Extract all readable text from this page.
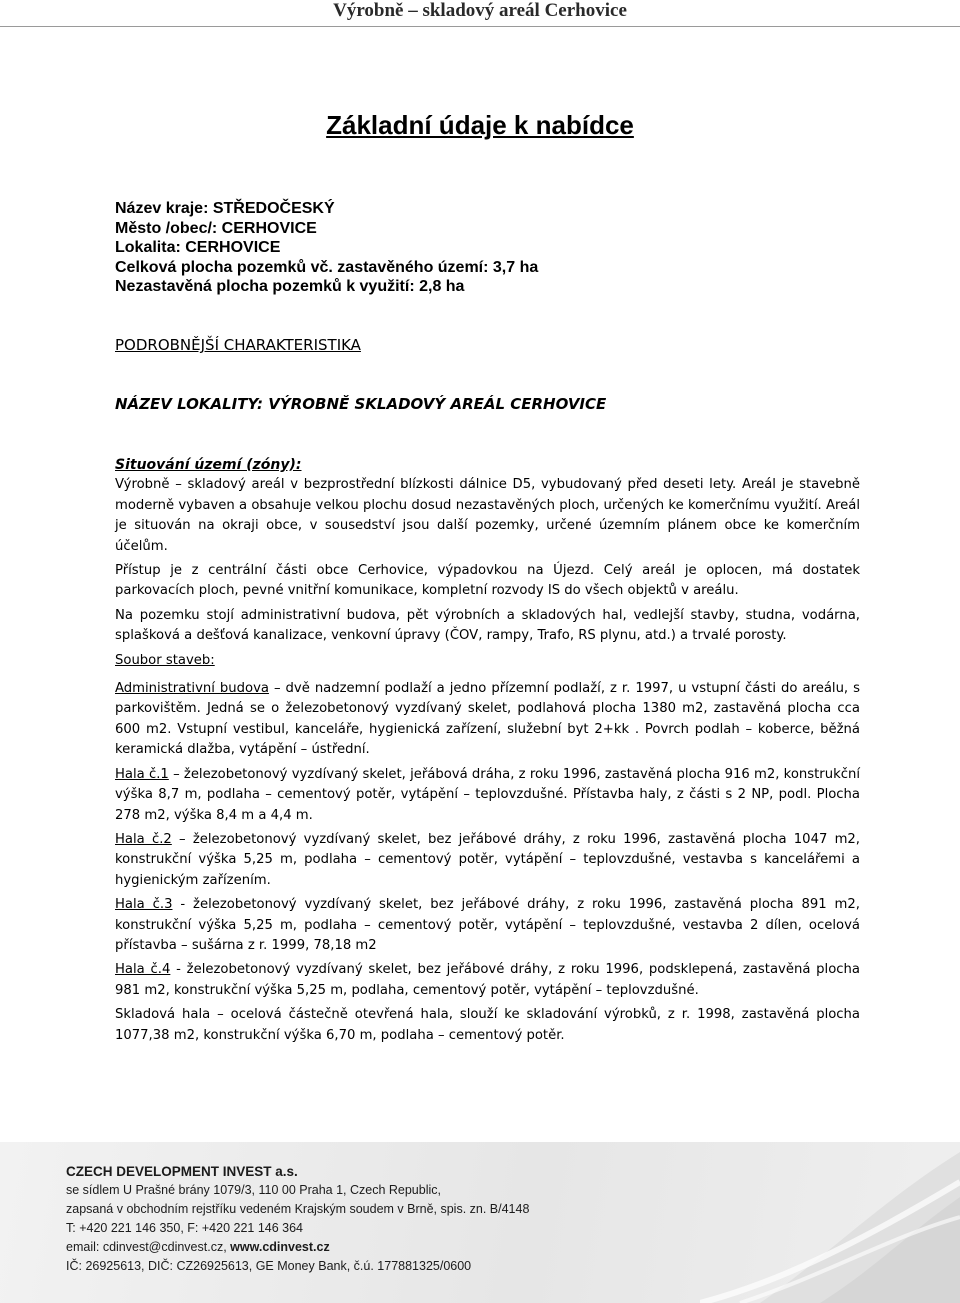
Výrobně – skladový areál Cerhovice
Základní údaje k nabídce
Název kraje: STŘEDOČESKÝ
Město /obec/: CERHOVICE
Lokalita: CERHOVICE
Celková plocha pozemků vč. zastavěného území: 3,7 ha
Nezastavěná plocha pozemků k využití: 2,8 ha
PODROBNĚJŠÍ CHARAKTERISTIKA
NÁZEV LOKALITY: VÝROBNĚ SKLADOVÝ AREÁL CERHOVICE

Situování území (zóny):

Výrobně – skladový areál v bezprostřední blízkosti dálnice D5, vybudovaný před deseti lety. Areál je stavebně moderně vybaven a obsahuje velkou plochu dosud nezastavěných ploch, určených ke komerčnímu využití. Areál je situován na okraji obce, v sousedství jsou další pozemky, určené územním plánem obce ke komerčním účelům.

Přístup je z centrální části obce Cerhovice, výpadovkou na Újezd. Celý areál je oplocen, má dostatek parkovacích ploch, pevné vnitřní komunikace, kompletní rozvody IS do všech objektů v areálu.

Na pozemku stojí administrativní budova, pět výrobních a skladových hal, vedlejší stavby, studna, vodárna, splašková a dešťová kanalizace, venkovní úpravy (ČOV, rampy, Trafo, RS plynu, atd.) a trvalé porosty.

Soubor staveb:

Administrativní budova – dvě nadzemní podlaží a jedno přízemní podlaží, z r. 1997, u vstupní části do areálu, s parkovištěm. Jedná se o železobetonový vyzdívaný skelet, podlahová plocha 1380 m2, zastavěná plocha cca 600 m2. Vstupní vestibul, kanceláře, hygienická zařízení, služební byt 2+kk . Povrch podlah – koberce, běžná keramická dlažba, vytápění – ústřední.

Hala č.1 – železobetonový vyzdívaný skelet, jeřábová dráha, z roku 1996, zastavěná plocha 916 m2, konstrukční výška 8,7 m, podlaha – cementový potěr, vytápění – teplovzdušné. Přístavba haly, z části s 2 NP, podl. Plocha 278 m2, výška 8,4 m a 4,4 m.

Hala č.2 – železobetonový vyzdívaný skelet, bez jeřábové dráhy, z roku 1996, zastavěná plocha 1047 m2, konstrukční výška 5,25 m, podlaha – cementový potěr, vytápění – teplovzdušné, vestavba s kancelářemi a hygienickým zařízením.

Hala č.3 - železobetonový vyzdívaný skelet, bez jeřábové dráhy, z roku 1996, zastavěná plocha 891 m2, konstrukční výška 5,25 m, podlaha – cementový potěr, vytápění – teplovzdušné, vestavba 2 dílen, ocelová přístavba – sušárna z r. 1999, 78,18 m2

Hala č.4 - železobetonový vyzdívaný skelet, bez jeřábové dráhy, z roku 1996, podsklepená, zastavěná plocha 981 m2, konstrukční výška 5,25 m, podlaha, cementový potěr, vytápění – teplovzdušné.

Skladová hala – ocelová částečně otevřená hala, slouží ke skladování výrobků, z r. 1998, zastavěná plocha 1077,38 m2, konstrukční výška 6,70 m, podlaha – cementový potěr.

CZECH DEVELOPMENT INVEST a.s.
se sídlem U Prašné brány 1079/3, 110 00 Praha 1, Czech Republic,
zapsaná v obchodním rejstříku vedeném Krajským soudem v Brně, spis. zn. B/4148
T: +420 221 146 350, F: +420 221 146 364
email: cdinvest@cdinvest.cz, www.cdinvest.cz
IČ: 26925613, DIČ: CZ26925613, GE Money Bank, č.ú. 177881325/0600
